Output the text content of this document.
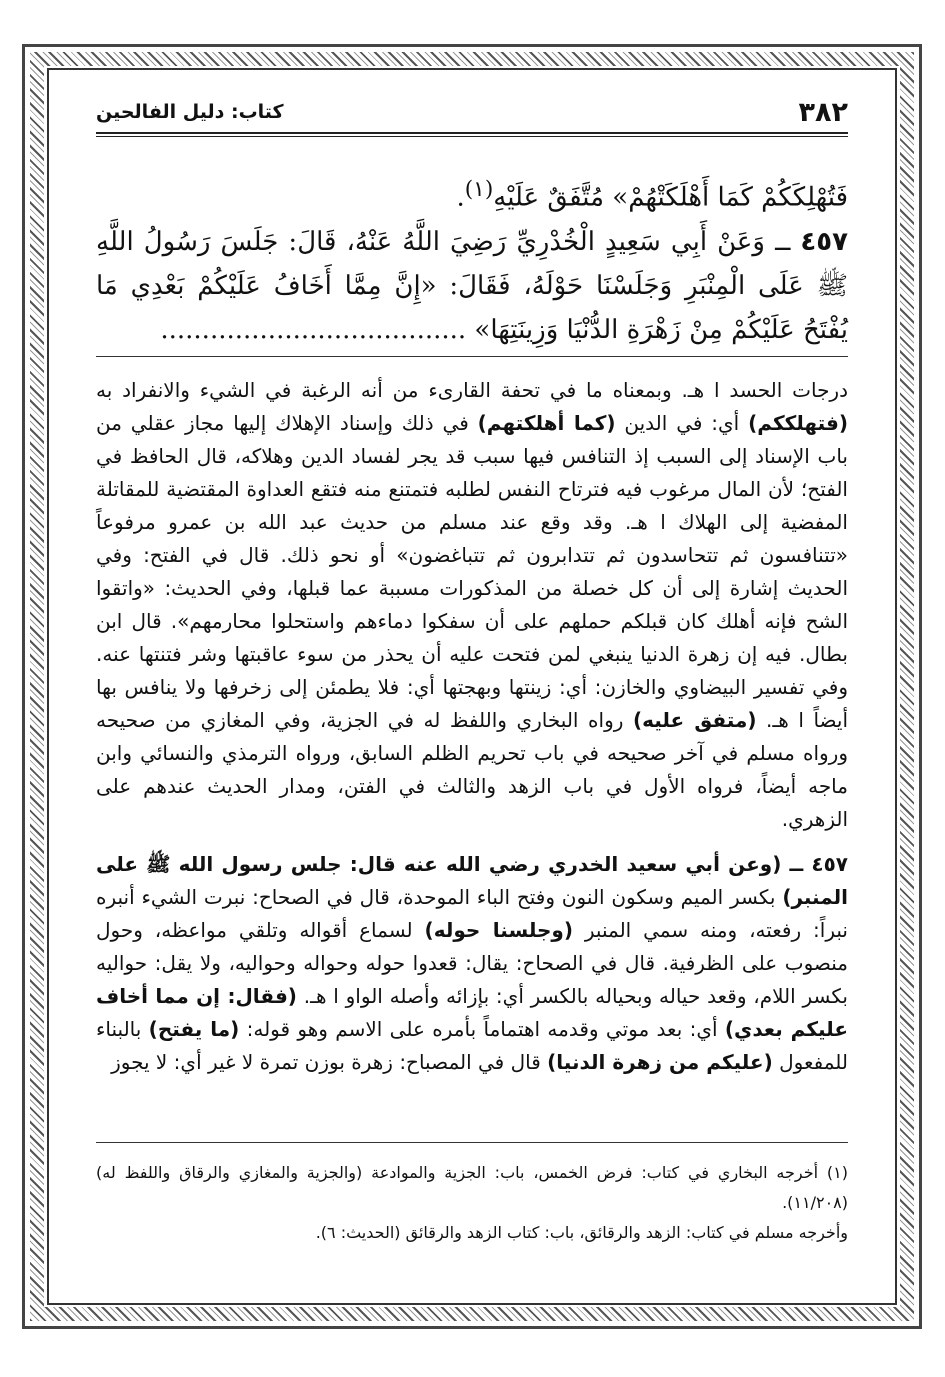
٣٨٢
كتاب: دليل الفالحين

فَتُهْلِكَكُمْ كَمَا أَهْلَكَتْهُمْ» مُتَّفَقٌ عَلَيْهِ$^{(١)}$.

٤٥٧ ــ وَعَنْ أَبِي سَعِيدٍ الْخُدْرِيِّ رَضِيَ اللَّهُ عَنْهُ، قَالَ: جَلَسَ رَسُولُ اللَّهِ ﷺ عَلَى الْمِنْبَرِ وَجَلَسْنَا حَوْلَهُ، فَقَالَ: «إِنَّ مِمَّا أَخَافُ عَلَيْكُمْ بَعْدِي مَا يُفْتَحُ عَلَيْكُمْ مِنْ زَهْرَةِ الدُّنْيَا وَزِينَتِهَا» .....................................

درجات الحسد ا هـ. وبمعناه ما في تحفة القارىء من أنه الرغبة في الشيء والانفراد به (فتهلككم) أي: في الدين (كما أهلكتهم) في ذلك وإسناد الإهلاك إليها مجاز عقلي من باب الإسناد إلى السبب إذ التنافس فيها سبب قد يجر لفساد الدين وهلاكه، قال الحافظ في الفتح؛ لأن المال مرغوب فيه فترتاح النفس لطلبه فتمتنع منه فتقع العداوة المقتضية للمقاتلة المفضية إلى الهلاك ا هـ. وقد وقع عند مسلم من حديث عبد الله بن عمرو مرفوعاً «تتنافسون ثم تتحاسدون ثم تتدابرون ثم تتباغضون» أو نحو ذلك. قال في الفتح: وفي الحديث إشارة إلى أن كل خصلة من المذكورات مسببة عما قبلها، وفي الحديث: «واتقوا الشح فإنه أهلك كان قبلكم حملهم على أن سفكوا دماءهم واستحلوا محارمهم». قال ابن بطال. فيه إن زهرة الدنيا ينبغي لمن فتحت عليه أن يحذر من سوء عاقبتها وشر فتنتها عنه. وفي تفسير البيضاوي والخازن: أي: زينتها وبهجتها أي: فلا يطمئن إلى زخرفها ولا ينافس بها أيضاً ا هـ. (متفق عليه) رواه البخاري واللفظ له في الجزية، وفي المغازي من صحيحه ورواه مسلم في آخر صحيحه في باب تحريم الظلم السابق، ورواه الترمذي والنسائي وابن ماجه أيضاً، فرواه الأول في باب الزهد والثالث في الفتن، ومدار الحديث عندهم على الزهري.

٤٥٧ ــ (وعن أبي سعيد الخدري رضي الله عنه قال: جلس رسول الله ﷺ على المنبر) بكسر الميم وسكون النون وفتح الباء الموحدة، قال في الصحاح: نبرت الشيء أنبره نبراً: رفعته، ومنه سمي المنبر (وجلسنا حوله) لسماع أقواله وتلقي مواعظه، وحول منصوب على الظرفية. قال في الصحاح: يقال: قعدوا حوله وحواله وحواليه، ولا يقل: حواليه بكسر اللام، وقعد حياله وبحياله بالكسر أي: بإزائه وأصله الواو ا هـ. (فقال: إن مما أخاف عليكم بعدي) أي: بعد موتي وقدمه اهتماماً بأمره على الاسم وهو قوله: (ما يفتح) بالبناء للمفعول (عليكم من زهرة الدنيا) قال في المصباح: زهرة بوزن تمرة لا غير أي: لا يجوز

(١) أخرجه البخاري في كتاب: فرض الخمس، باب: الجزية والموادعة (والجزية والمغازي والرقاق واللفظ له) (١١/٢٠٨).

وأخرجه مسلم في كتاب: الزهد والرقائق، باب: كتاب الزهد والرقائق (الحديث: ٦).
